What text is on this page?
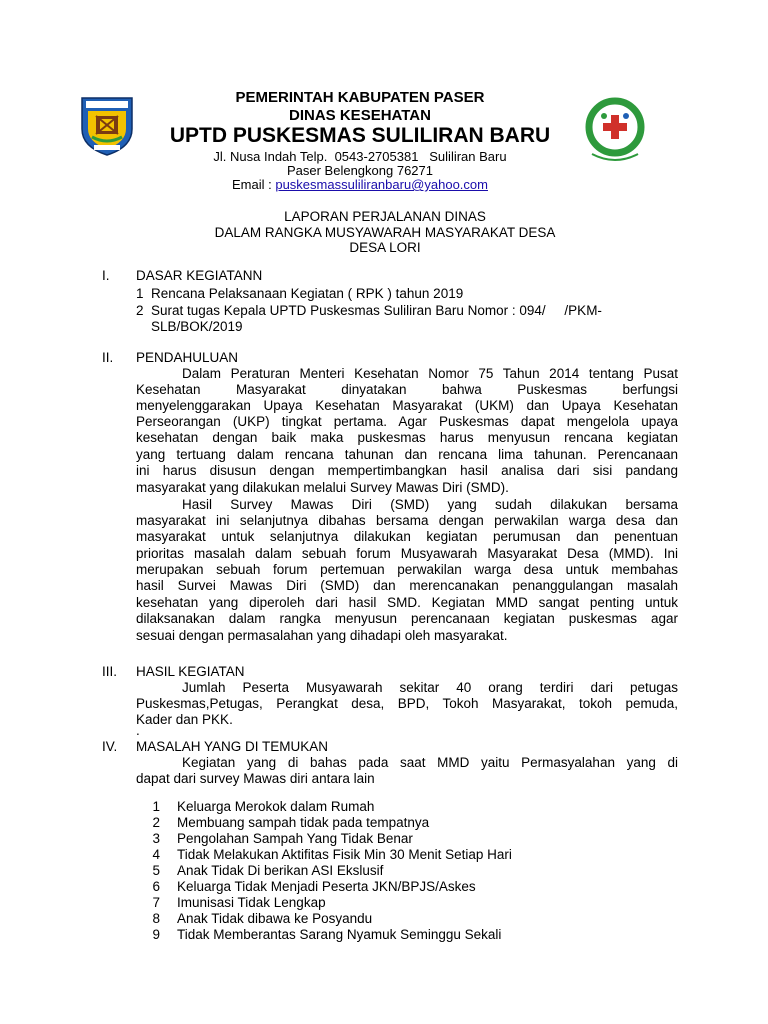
PEMERINTAH KABUPATEN PASER
DINAS KESEHATAN
UPTD PUSKESMAS SULILIRAN BARU
Jl. Nusa Indah Telp.  0543-2705381   Suliliran Baru
Paser Belengkong 76271
Email : puskesmassuliliranbaru@yahoo.com
LAPORAN PERJALANAN DINAS
DALAM RANGKA MUSYAWARAH MASYARAKAT DESA
DESA LORI
I. DASAR KEGIATANN
1 Rencana Pelaksanaan Kegiatan ( RPK ) tahun 2019
2 Surat tugas Kepala UPTD Puskesmas Suliliran Baru Nomor : 094/     /PKM-
SLB/BOK/2019
II. PENDAHULUAN
Dalam Peraturan Menteri Kesehatan Nomor 75 Tahun 2014 tentang Pusat
Kesehatan Masyarakat dinyatakan bahwa Puskesmas berfungsi
menyelenggarakan Upaya Kesehatan Masyarakat (UKM) dan Upaya Kesehatan
Perseorangan (UKP) tingkat pertama. Agar Puskesmas dapat mengelola upaya
kesehatan dengan baik maka puskesmas harus menyusun rencana kegiatan
yang tertuang dalam rencana tahunan dan rencana lima tahunan. Perencanaan
ini harus disusun dengan mempertimbangkan hasil analisa dari sisi pandang
masyarakat yang dilakukan melalui Survey Mawas Diri (SMD).
Hasil Survey Mawas Diri (SMD) yang sudah dilakukan bersama
masyarakat ini selanjutnya dibahas bersama dengan perwakilan warga desa dan
masyarakat untuk selanjutnya dilakukan kegiatan perumusan dan penentuan
prioritas masalah dalam sebuah forum Musyawarah Masyarakat Desa (MMD). Ini
merupakan sebuah forum pertemuan perwakilan warga desa untuk membahas
hasil Survei Mawas Diri (SMD) dan merencanakan penanggulangan masalah
kesehatan yang diperoleh dari hasil SMD. Kegiatan MMD sangat penting untuk
dilaksanakan dalam rangka menyusun perencanaan kegiatan puskesmas agar
sesuai dengan permasalahan yang dihadapi oleh masyarakat.
III. HASIL KEGIATAN
Jumlah Peserta Musyawarah sekitar 40 orang terdiri dari petugas
Puskesmas,Petugas, Perangkat desa, BPD, Tokoh Masyarakat, tokoh pemuda,
Kader dan PKK.
.
IV. MASALAH YANG DI TEMUKAN
Kegiatan yang di bahas pada saat MMD yaitu Permasyalahan yang di
dapat dari survey Mawas diri antara lain
1 Keluarga Merokok dalam Rumah
2 Membuang sampah tidak pada tempatnya
3 Pengolahan Sampah Yang Tidak Benar
4 Tidak Melakukan Aktifitas Fisik Min 30 Menit Setiap Hari
5 Anak Tidak Di berikan ASI Ekslusif
6 Keluarga Tidak Menjadi Peserta JKN/BPJS/Askes
7 Imunisasi Tidak Lengkap
8 Anak Tidak dibawa ke Posyandu
9 Tidak Memberantas Sarang Nyamuk Seminggu Sekali
